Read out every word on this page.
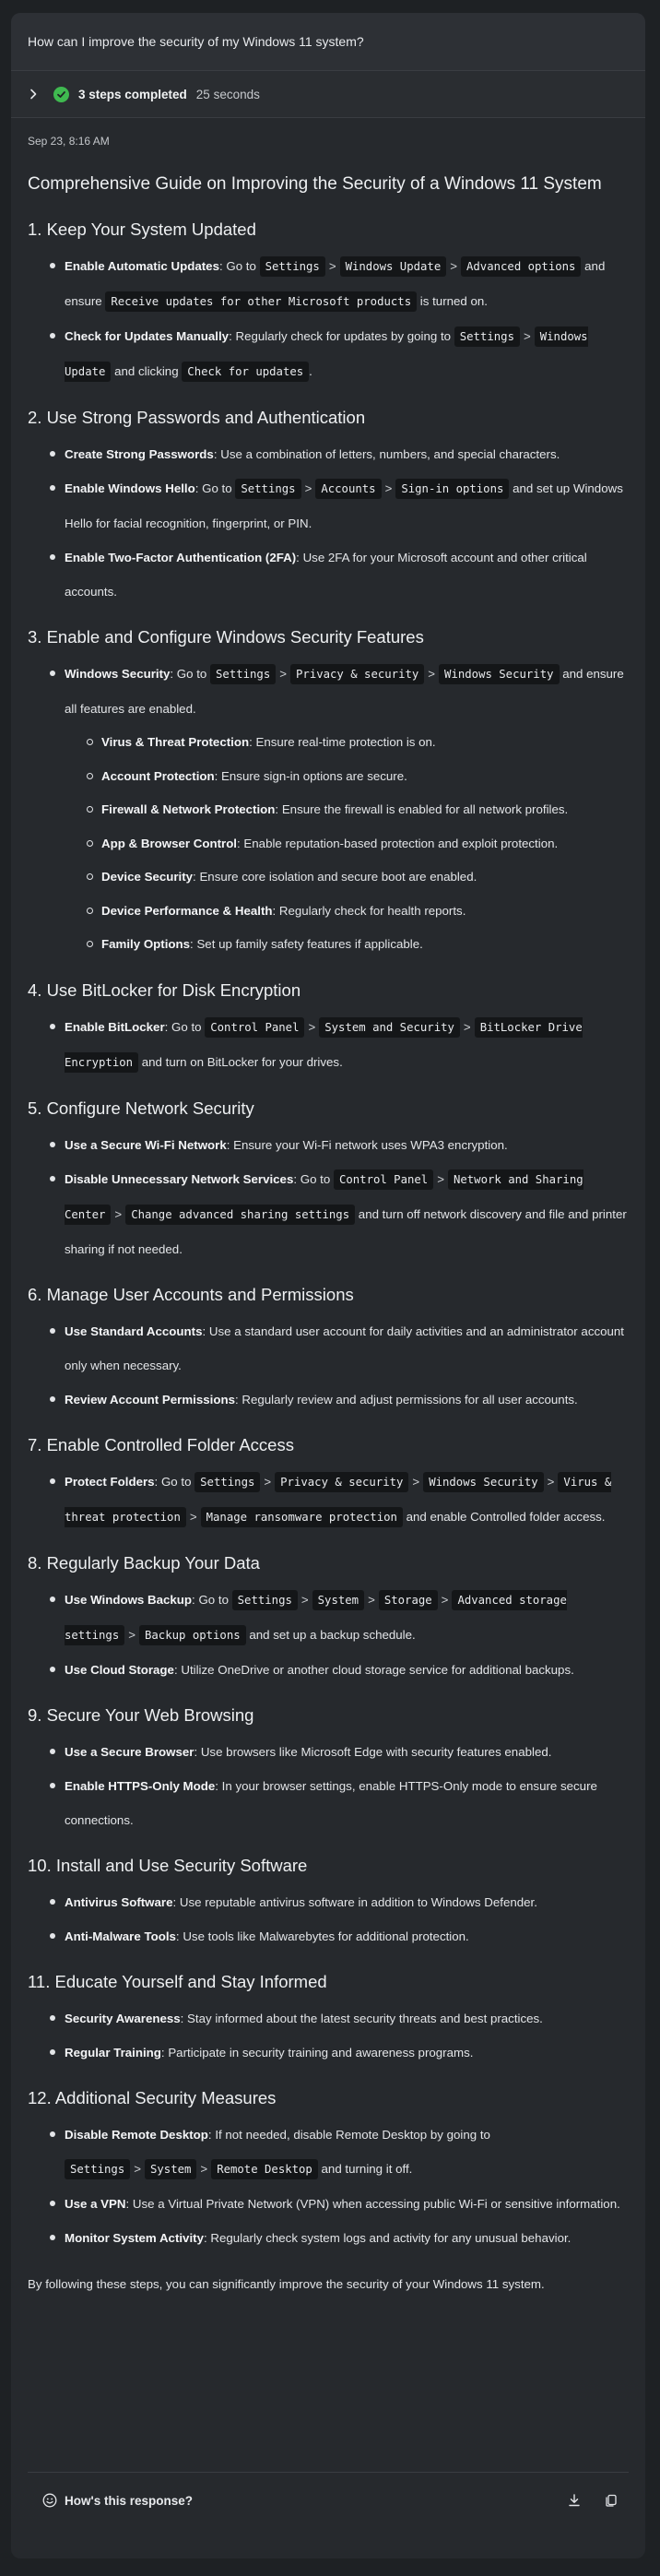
How can I improve the security of my Windows 11 system?
3 steps completed 25 seconds
Sep 23, 8:16 AM
Comprehensive Guide on Improving the Security of a Windows 11 System
1. Keep Your System Updated
Enable Automatic Updates: Go to Settings > Windows Update > Advanced options and ensure Receive updates for other Microsoft products is turned on.
Check for Updates Manually: Regularly check for updates by going to Settings > Windows Update and clicking Check for updates .
2. Use Strong Passwords and Authentication
Create Strong Passwords: Use a combination of letters, numbers, and special characters.
Enable Windows Hello: Go to Settings > Accounts > Sign-in options and set up Windows Hello for facial recognition, fingerprint, or PIN.
Enable Two-Factor Authentication (2FA): Use 2FA for your Microsoft account and other critical accounts.
3. Enable and Configure Windows Security Features
Windows Security: Go to Settings > Privacy & security > Windows Security and ensure all features are enabled.
Virus & Threat Protection: Ensure real-time protection is on.
Account Protection: Ensure sign-in options are secure.
Firewall & Network Protection: Ensure the firewall is enabled for all network profiles.
App & Browser Control: Enable reputation-based protection and exploit protection.
Device Security: Ensure core isolation and secure boot are enabled.
Device Performance & Health: Regularly check for health reports.
Family Options: Set up family safety features if applicable.
4. Use BitLocker for Disk Encryption
Enable BitLocker: Go to Control Panel > System and Security > BitLocker Drive Encryption and turn on BitLocker for your drives.
5. Configure Network Security
Use a Secure Wi-Fi Network: Ensure your Wi-Fi network uses WPA3 encryption.
Disable Unnecessary Network Services: Go to Control Panel > Network and Sharing Center > Change advanced sharing settings and turn off network discovery and file and printer sharing if not needed.
6. Manage User Accounts and Permissions
Use Standard Accounts: Use a standard user account for daily activities and an administrator account only when necessary.
Review Account Permissions: Regularly review and adjust permissions for all user accounts.
7. Enable Controlled Folder Access
Protect Folders: Go to Settings > Privacy & security > Windows Security > Virus & threat protection > Manage ransomware protection and enable Controlled folder access.
8. Regularly Backup Your Data
Use Windows Backup: Go to Settings > System > Storage > Advanced storage settings > Backup options and set up a backup schedule.
Use Cloud Storage: Utilize OneDrive or another cloud storage service for additional backups.
9. Secure Your Web Browsing
Use a Secure Browser: Use browsers like Microsoft Edge with security features enabled.
Enable HTTPS-Only Mode: In your browser settings, enable HTTPS-Only mode to ensure secure connections.
10. Install and Use Security Software
Antivirus Software: Use reputable antivirus software in addition to Windows Defender.
Anti-Malware Tools: Use tools like Malwarebytes for additional protection.
11. Educate Yourself and Stay Informed
Security Awareness: Stay informed about the latest security threats and best practices.
Regular Training: Participate in security training and awareness programs.
12. Additional Security Measures
Disable Remote Desktop: If not needed, disable Remote Desktop by going to Settings > System > Remote Desktop and turning it off.
Use a VPN: Use a Virtual Private Network (VPN) when accessing public Wi-Fi or sensitive information.
Monitor System Activity: Regularly check system logs and activity for any unusual behavior.

By following these steps, you can significantly improve the security of your Windows 11 system.

How's this response?
